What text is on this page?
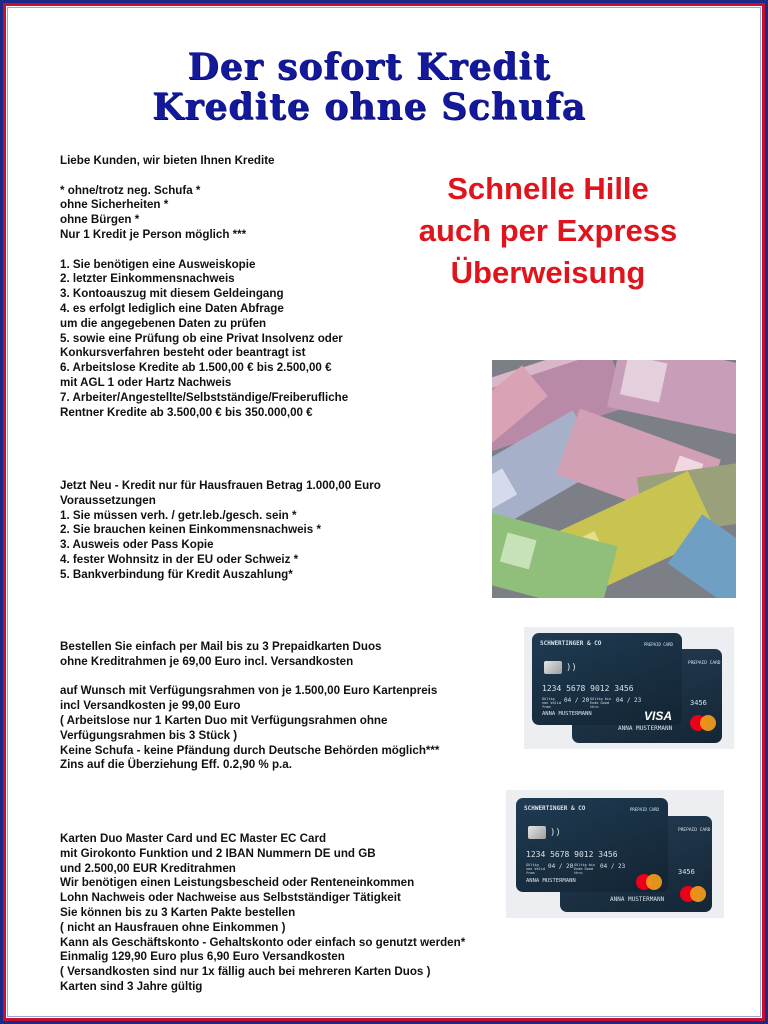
Der sofort Kredit
Kredite ohne Schufa
Liebe Kunden, wir bieten Ihnen Kredite
* ohne/trotz neg. Schufa *
ohne Sicherheiten *
ohne Bürgen *
Nur 1 Kredit je Person möglich ***
1. Sie benötigen eine Ausweiskopie
2. letzter Einkommensnachweis
3. Kontoauszug mit diesem Geldeingang
4. es erfolgt lediglich eine Daten Abfrage
um die angegebenen Daten zu prüfen
5. sowie eine Prüfung ob eine Privat Insolvenz oder
Konkursverfahren besteht oder beantragt ist
6. Arbeitslose Kredite ab 1.500,00 € bis 2.500,00 €
mit AGL 1 oder Hartz Nachweis
7. Arbeiter/Angestellte/Selbstständige/Freiberufliche
Rentner Kredite ab 3.500,00 € bis 350.000,00 €
Schnelle Hille
auch per Express
Überweisung
Jetzt Neu - Kredit nur für Hausfrauen Betrag 1.000,00 Euro
Voraussetzungen
1. Sie müssen verh. / getr.leb./gesch. sein *
2. Sie brauchen keinen Einkommensnachweis *
3. Ausweis oder Pass Kopie
4. fester Wohnsitz in der EU oder Schweiz *
5. Bankverbindung für Kredit Auszahlung*
PREPAID CARD
3456
ANNA MUSTERMANN
SCHWERTINGER & CO	PREPAID CARD
))
1234 5678 9012 3456
Gültig von Valid from
04 / 20 Gültig bis Ende Good thru
04 / 23
ANNA MUSTERMANN	VISA
Bestellen Sie einfach per Mail bis zu 3 Prepaidkarten Duos
ohne Kreditrahmen je 69,00 Euro incl. Versandkosten
auf Wunsch mit Verfügungsrahmen von je 1.500,00 Euro Kartenpreis
incl Versandkosten je 99,00 Euro
( Arbeitslose nur 1 Karten Duo mit Verfügungsrahmen ohne
Verfügungsrahmen bis 3 Stück )
Keine Schufa - keine Pfändung durch Deutsche Behörden möglich***
Zins auf die Überziehung Eff. 0.2,90 % p.a.
PREPAID CARD
3456
ANNA MUSTERMANN
SCHWERTINGER & CO	PREPAID CARD
))
1234 5678 9012 3456
Gültig von Valid from
04 / 20 Gültig bis Ende Good thru
04 / 23
ANNA MUSTERMANN
Karten Duo Master Card und EC Master EC Card
mit Girokonto Funktion und 2 IBAN Nummern DE und GB
und 2.500,00 EUR Kreditrahmen
Wir benötigen einen Leistungsbescheid oder Renteneinkommen
Lohn Nachweis oder Nachweise aus Selbstständiger Tätigkeit
Sie können bis zu 3 Karten Pakte bestellen
( nicht an Hausfrauen ohne Einkommen )
Kann als Geschäftskonto - Gehaltskonto oder einfach so genutzt werden*
Einmalig 129,90 Euro plus 6,90 Euro Versandkosten
( Versandkosten sind nur 1x fällig auch bei mehreren Karten Duos )
Karten sind 3 Jahre gültig
